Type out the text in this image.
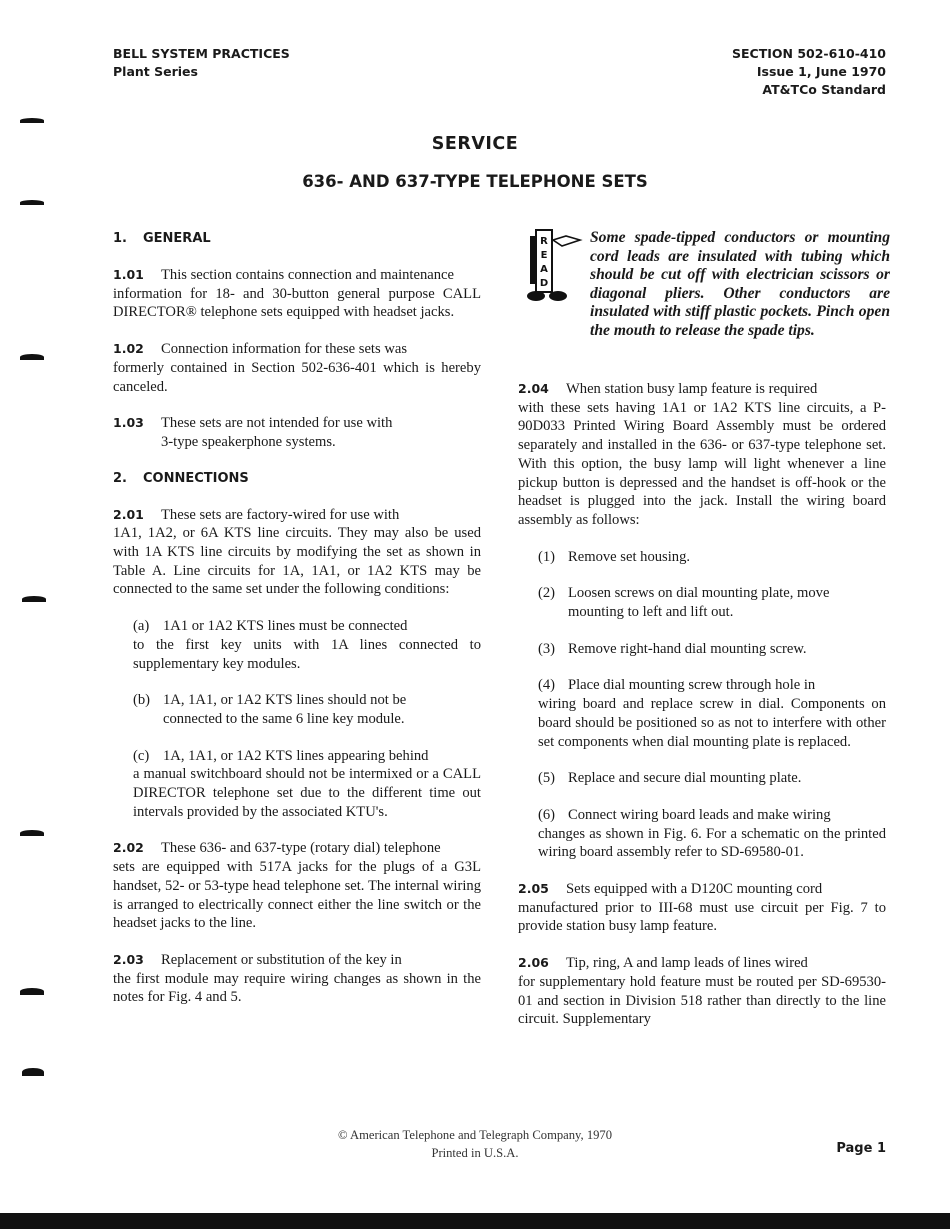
BELL SYSTEM PRACTICES
Plant Series
SECTION 502-610-410
Issue 1, June 1970
AT&TCo Standard
SERVICE
636- AND 637-TYPE TELEPHONE SETS
1. GENERAL

1.01 This section contains connection and maintenance
information for 18- and 30-button general purpose CALL DIRECTOR® telephone sets equipped with headset jacks.

1.02 Connection information for these sets was
formerly contained in Section 502-636-401 which is hereby canceled.

1.03 These sets are not intended for use with
3-type speakerphone systems.

2. CONNECTIONS

2.01 These sets are factory-wired for use with
1A1, 1A2, or 6A KTS line circuits. They may also be used with 1A KTS line circuits by modifying the set as shown in Table A. Line circuits for 1A, 1A1, or 1A2 KTS may be connected to the same set under the following conditions:

(a) 1A1 or 1A2 KTS lines must be connected
to the first key units with 1A lines connected to supplementary key modules.

(b) 1A, 1A1, or 1A2 KTS lines should not be
connected to the same 6 line key module.

(c) 1A, 1A1, or 1A2 KTS lines appearing behind
a manual switchboard should not be intermixed or a CALL DIRECTOR telephone set due to the different time out intervals provided by the associated KTU's.

2.02 These 636- and 637-type (rotary dial) telephone
sets are equipped with 517A jacks for the plugs of a G3L handset, 52- or 53-type head telephone set. The internal wiring is arranged to electrically connect either the line switch or the headset jacks to the line.

2.03 Replacement or substitution of the key in
the first module may require wiring changes as shown in the notes for Fig. 4 and 5.

R
E
A
D
Some spade-tipped conductors or mounting cord leads are insulated with tubing which should be cut off with electrician scissors or diagonal pliers. Other conductors are insulated with stiff plastic pockets. Pinch open the mouth to release the spade tips.

2.04 When station busy lamp feature is required
with these sets having 1A1 or 1A2 KTS line circuits, a P-90D033 Printed Wiring Board Assembly must be ordered separately and installed in the 636- or 637-type telephone set. With this option, the busy lamp will light whenever a line pickup button is depressed and the handset is off-hook or the headset is plugged into the jack. Install the wiring board assembly as follows:

(1) Remove set housing.

(2) Loosen screws on dial mounting plate, move
mounting to left and lift out.

(3) Remove right-hand dial mounting screw.

(4) Place dial mounting screw through hole in
wiring board and replace screw in dial. Components on board should be positioned so as not to interfere with other set components when dial mounting plate is replaced.

(5) Replace and secure dial mounting plate.

(6) Connect wiring board leads and make wiring
changes as shown in Fig. 6. For a schematic on the printed wiring board assembly refer to SD-69580-01.

2.05 Sets equipped with a D120C mounting cord
manufactured prior to III-68 must use circuit per Fig. 7 to provide station busy lamp feature.

2.06 Tip, ring, A and lamp leads of lines wired
for supplementary hold feature must be routed per SD-69530-01 and section in Division 518 rather than directly to the line circuit. Supplementary

© American Telephone and Telegraph Company, 1970
Printed in U.S.A.	Page 1
